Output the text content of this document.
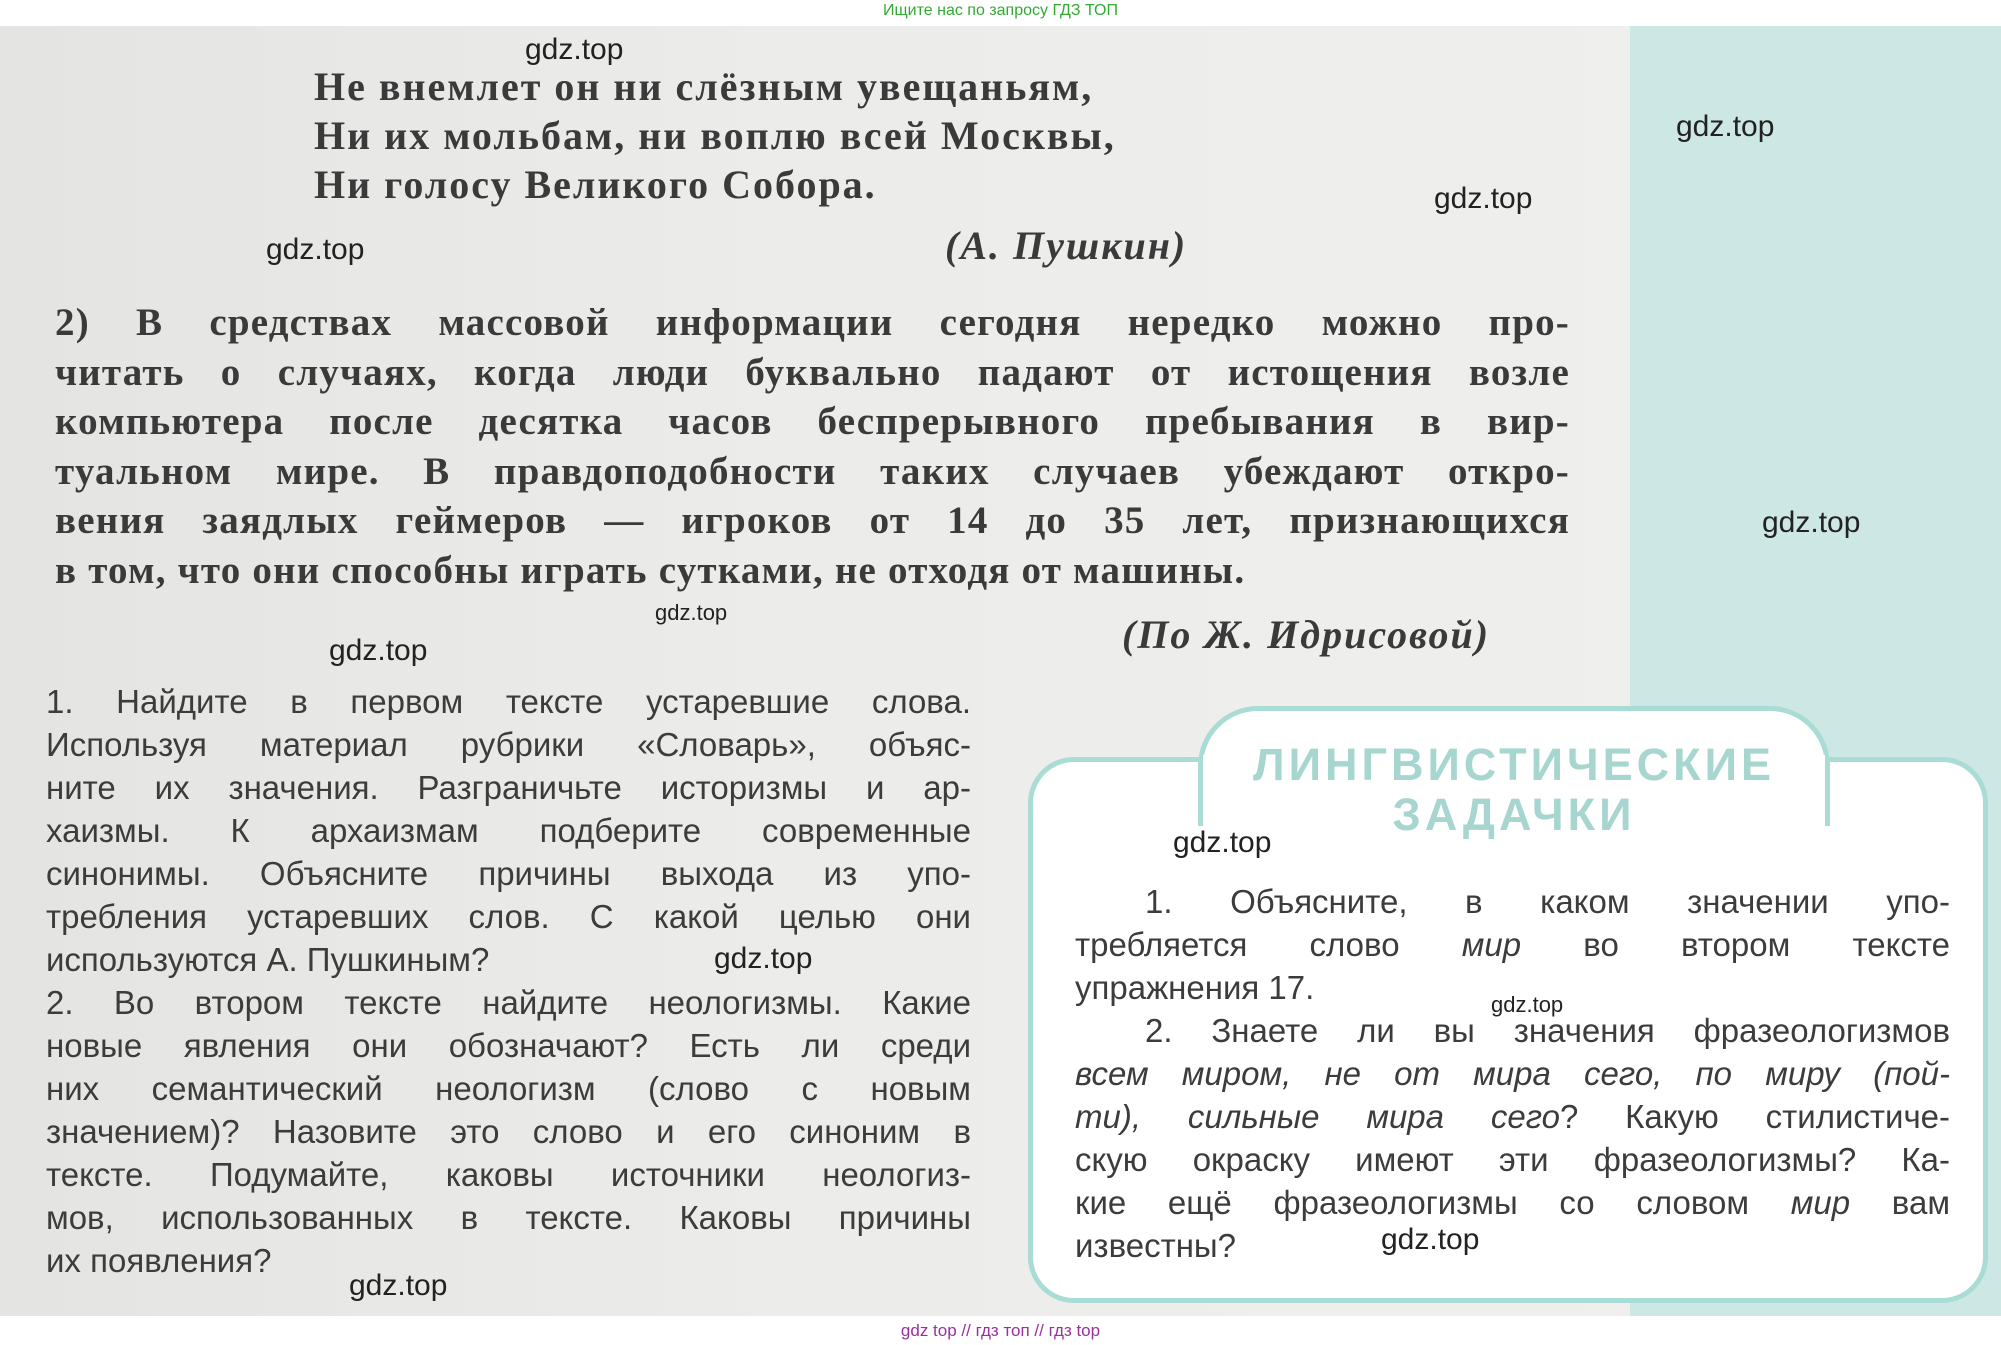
Ищите нас по запросу ГДЗ ТОП
Не внемлет он ни слёзным увещаньям,
Ни их мольбам, ни воплю всей Москвы,
Ни голосу Великого Собора.
(А. Пушкин)
2) В средствах массовой информации сегодня нередко можно про-
читать о случаях, когда люди буквально падают от истощения возле
компьютера после десятка часов беспрерывного пребывания в вир-
туальном мире. В правдоподобности таких случаев убеждают откро-
вения заядлых геймеров — игроков от 14 до 35 лет, признающихся
в том, что они способны играть сутками, не отходя от машины.
(По Ж. Идрисовой)
1. Найдите в первом тексте устаревшие слова.
Используя материал рубрики «Словарь», объяс-
ните их значения. Разграничьте историзмы и ар-
хаизмы. К архаизмам подберите современные
синонимы. Объясните причины выхода из упо-
требления устаревших слов. С какой целью они
используются А. Пушкиным?
2. Во втором тексте найдите неологизмы. Какие
новые явления они обозначают? Есть ли среди
них семантический неологизм (слово с новым
значением)? Назовите это слово и его синоним в
тексте. Подумайте, каковы источники неологиз-
мов, использованных в тексте. Каковы причины
их появления?
ЛИНГВИСТИЧЕСКИЕ
ЗАДАЧКИ
1. Объясните, в каком значении упо-
требляется слово мир во втором тексте
упражнения 17.
2. Знаете ли вы значения фразеологизмов
всем миром, не от мира сего, по миру (пой-
ти), сильные мира сего? Какую стилистиче-
скую окраску имеют эти фразеологизмы? Ка-
кие ещё фразеологизмы со словом мир вам
известны?
gdz.top
gdz.top
gdz.top
gdz.top
gdz.top
gdz.top
gdz.top
gdz.top
gdz.top
gdz.top
gdz.top
gdz.top
gdz top // гдз топ // гдз top
